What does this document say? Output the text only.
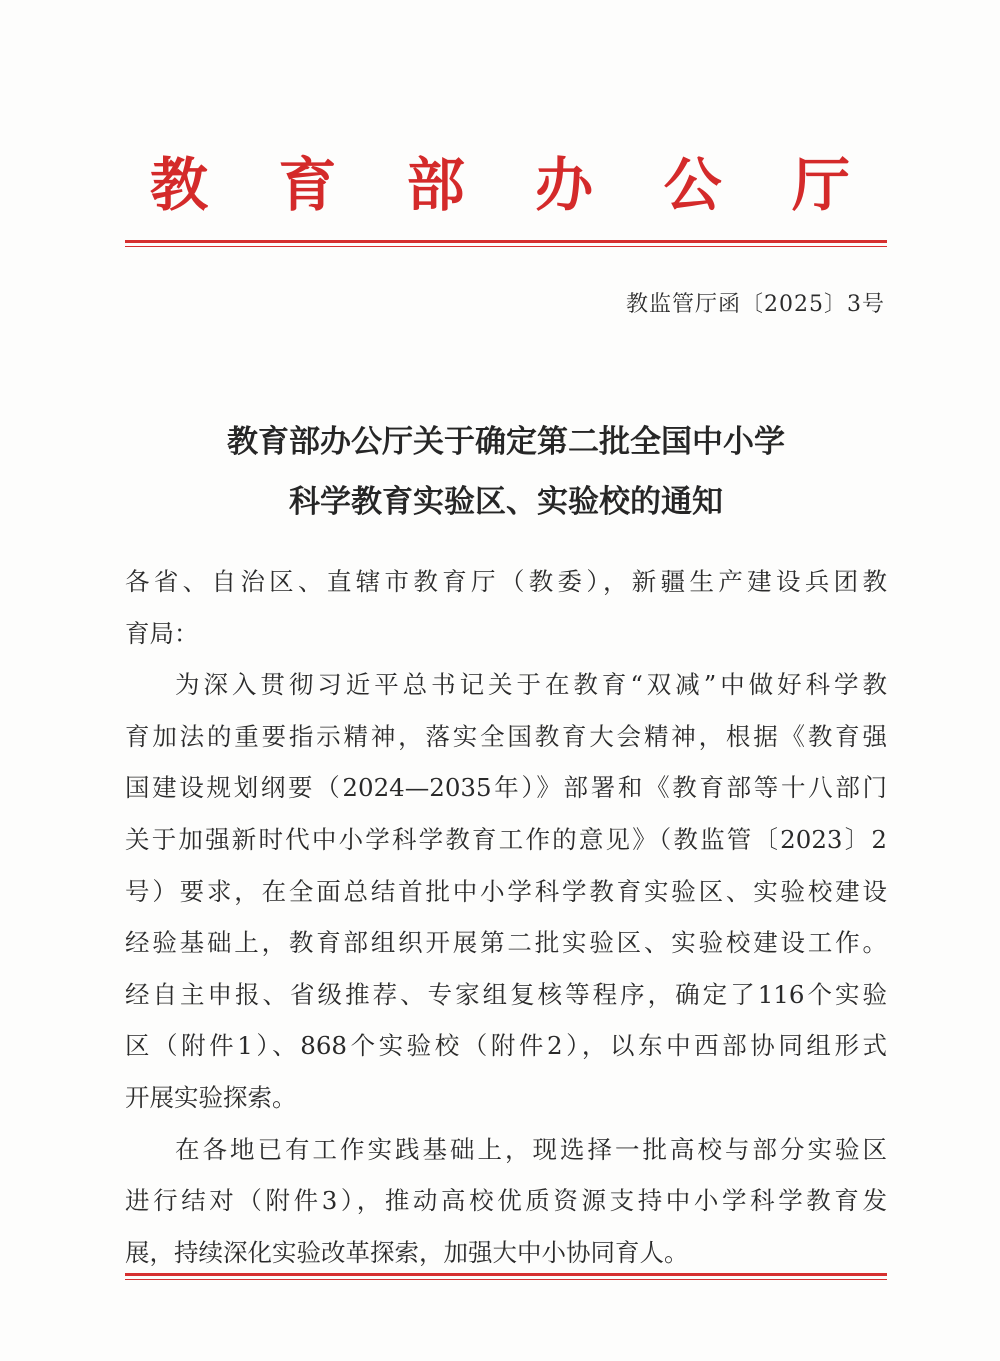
教 育 部 办 公 厅
教监管厅函〔2025〕3号
教育部办公厅关于确定第二批全国中小学
科学教育实验区、实验校的通知
各省、自治区、直辖市教育厅（教委），新疆生产建设兵团教
育局：
为深入贯彻习近平总书记关于在教育“双减”中做好科学教
育加法的重要指示精神，落实全国教育大会精神，根据《教育强
国建设规划纲要（2024—2035年）》部署和《教育部等十八部门
关于加强新时代中小学科学教育工作的意见》（教监管〔2023〕2
号）要求，在全面总结首批中小学科学教育实验区、实验校建设
经验基础上，教育部组织开展第二批实验区、实验校建设工作。
经自主申报、省级推荐、专家组复核等程序，确定了116个实验
区（附件1）、868个实验校（附件2），以东中西部协同组形式
开展实验探索。
在各地已有工作实践基础上，现选择一批高校与部分实验区
进行结对（附件3），推动高校优质资源支持中小学科学教育发
展，持续深化实验改革探索，加强大中小协同育人。
